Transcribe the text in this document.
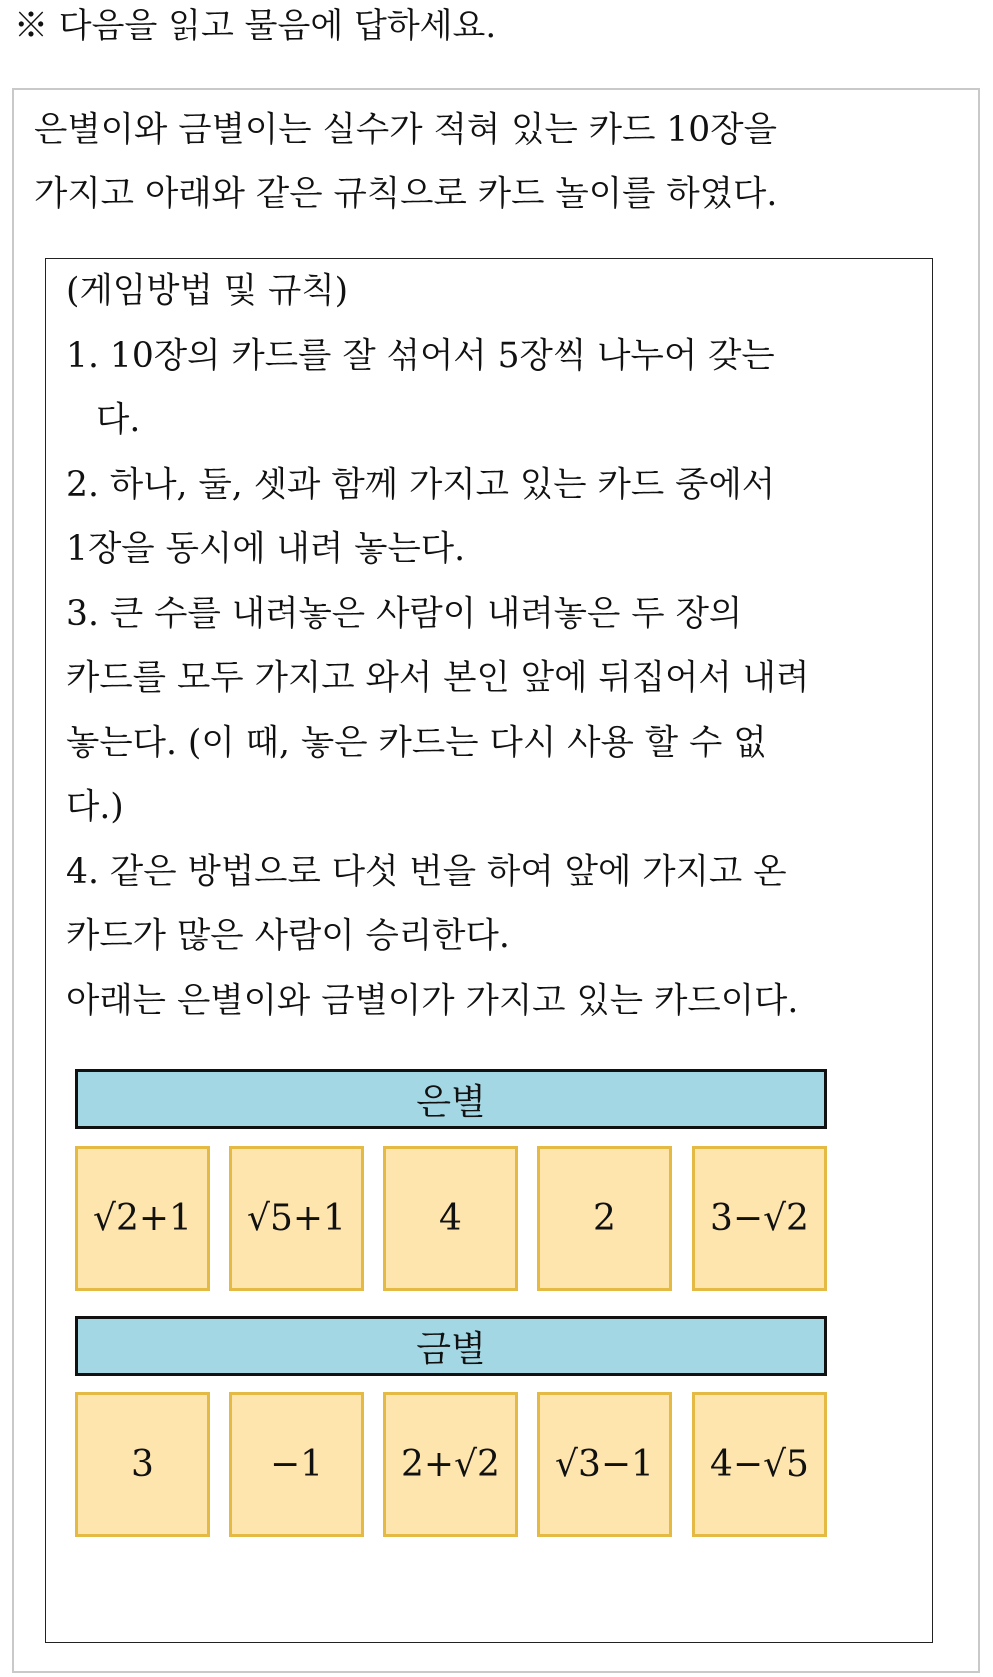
※ 다음을 읽고 물음에 답하세요.
은별이와 금별이는 실수가 적혀 있는 카드 10장을
가지고 아래와 같은 규칙으로 카드 놀이를 하였다.
(게임방법 및 규칙)
1. 10장의 카드를 잘 섞어서 5장씩 나누어 갖는
다.
2. 하나, 둘, 셋과 함께 가지고 있는 카드 중에서
1장을 동시에 내려 놓는다.
3. 큰 수를 내려놓은 사람이 내려놓은 두 장의
카드를 모두 가지고 와서 본인 앞에 뒤집어서 내려
놓는다. (이 때, 놓은 카드는 다시 사용 할 수 없
다.)
4. 같은 방법으로 다섯 번을 하여 앞에 가지고 온
카드가 많은 사람이 승리한다.
아래는 은별이와 금별이가 가지고 있는 카드이다.
은별
√2+1	√5+1	4	2	3−√2
금별
3	−1	2+√2	√3−1	4−√5
